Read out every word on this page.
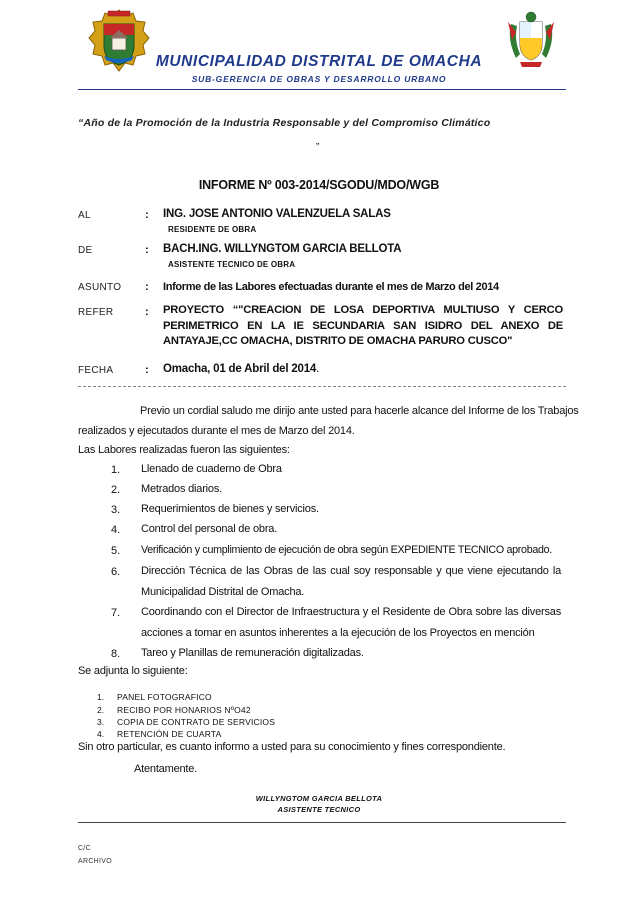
MUNICIPALIDAD DISTRITAL DE OMACHA
SUB-GERENCIA DE OBRAS Y DESARROLLO URBANO
“Año de la Promoción de la Industria Responsable y del Compromiso Climático
”
INFORME Nº 003-2014/SGODU/MDO/WGB
AL	: ING. JOSE ANTONIO VALENZUELA SALAS
RESIDENTE DE OBRA
DE	: BACH.ING. WILLYNGTOM GARCIA BELLOTA
ASISTENTE TECNICO DE OBRA
ASUNTO : Informe de las Labores efectuadas durante el mes de Marzo del 2014
REFER	: PROYECTO “"CREACION DE LOSA DEPORTIVA MULTIUSO Y CERCO PERIMETRICO EN LA IE SECUNDARIA SAN ISIDRO DEL ANEXO DE ANTAYAJE,CC OMACHA, DISTRITO DE OMACHA PARURO CUSCO"
FECHA	: Omacha, 01 de Abril del 2014.
Previo un cordial saludo me dirijo ante usted para hacerle alcance del Informe de los Trabajos
realizados y ejecutados durante el mes de Marzo del 2014.
Las Labores realizadas fueron las siguientes:
1. Llenado de cuaderno de Obra
2. Metrados diarios.
3. Requerimientos de bienes y servicios.
4. Control del personal de obra.
5. Verificación y cumplimiento de ejecución de obra según EXPEDIENTE TECNICO aprobado.
6. Dirección Técnica de las Obras de las cual soy responsable y que viene ejecutando la Municipalidad Distrital de Omacha.
7. Coordinando con el Director de Infraestructura y el Residente de Obra sobre las diversas acciones a tomar en asuntos inherentes a la ejecución de los Proyectos en mención
8. Tareo y Planillas de remuneración digitalizadas.
Se adjunta lo siguiente:
1. PANEL FOTOGRAFICO
2. RECIBO POR HONARIOS NºO42
3. COPIA DE CONTRATO DE SERVICIOS
4. RETENCIÓN DE CUARTA
Sin otro particular, es cuanto informo a usted para su conocimiento y fines correspondiente.
Atentamente.
WILLYNGTOM GARCIA BELLOTA
ASISTENTE TECNICO
C/C
ARCHIVO
